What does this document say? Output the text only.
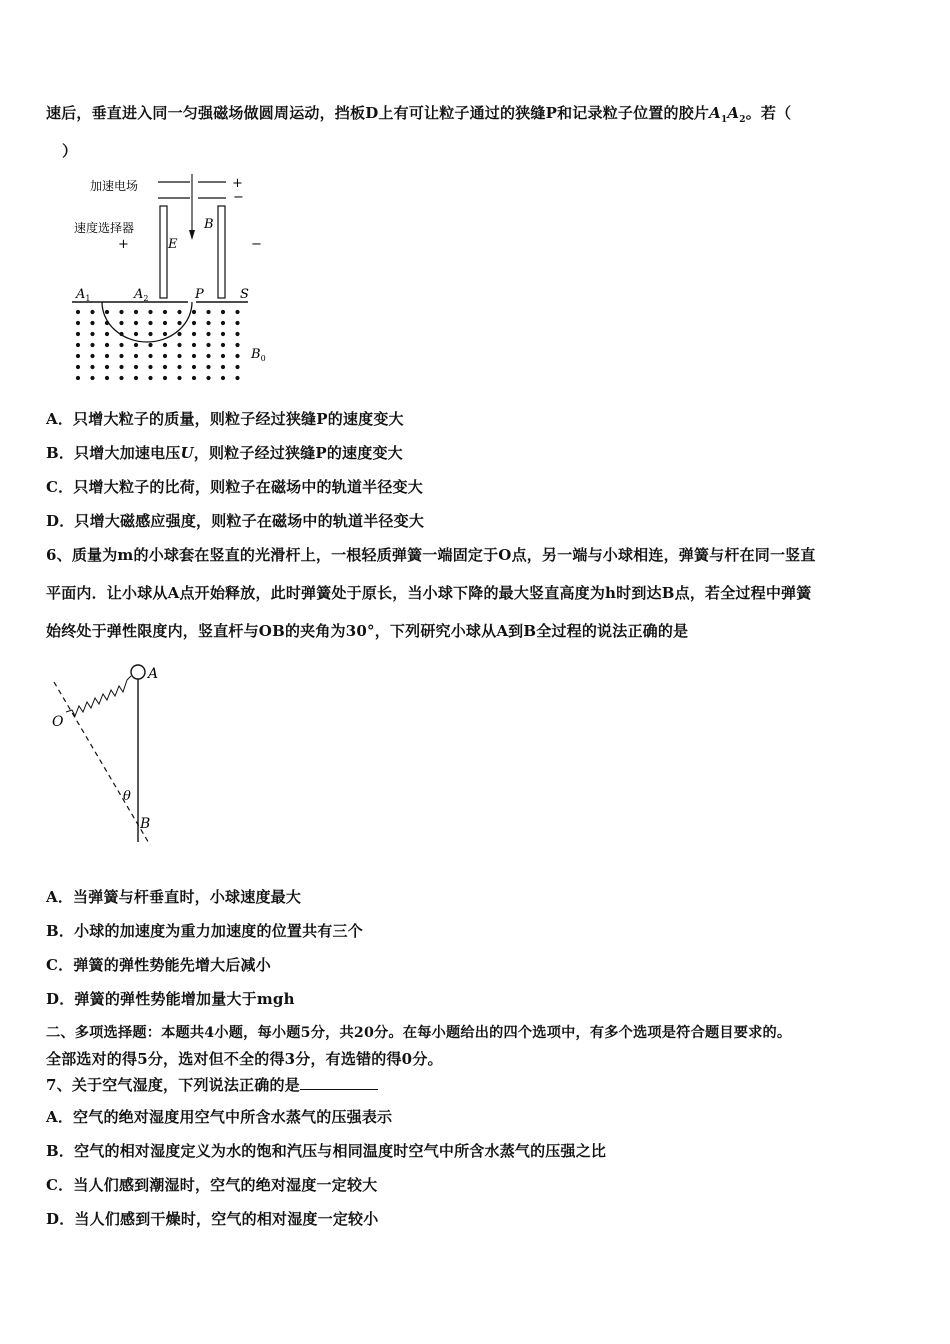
速后，垂直进入同一匀强磁场做圆周运动，挡板D上有可让粒子通过的狭缝P和记录粒子位置的胶片$A_1A_2$。若（
）
加速电场	+
−
速度选择器
+	E
B
−
$A_1$	$A_2$	P	S
$B_0$
A．只增大粒子的质量，则粒子经过狭缝P的速度变大
B．只增大加速电压U，则粒子经过狭缝P的速度变大
C．只增大粒子的比荷，则粒子在磁场中的轨道半径变大
D．只增大磁感应强度，则粒子在磁场中的轨道半径变大
6、质量为m的小球套在竖直的光滑杆上，一根轻质弹簧一端固定于O点，另一端与小球相连，弹簧与杆在同一竖直
平面内．让小球从A点开始释放，此时弹簧处于原长，当小球下降的最大竖直高度为h时到达B点，若全过程中弹簧
始终处于弹性限度内，竖直杆与OB的夹角为30°，下列研究小球从A到B全过程的说法正确的是
A
O
θ
B
A．当弹簧与杆垂直时，小球速度最大
B．小球的加速度为重力加速度的位置共有三个
C．弹簧的弹性势能先增大后减小
D．弹簧的弹性势能增加量大于mgh
二、多项选择题：本题共4小题，每小题5分，共20分。在每小题给出的四个选项中，有多个选项是符合题目要求的。
全部选对的得5分，选对但不全的得3分，有选错的得0分。
7、关于空气湿度，下列说法正确的是
A．空气的绝对湿度用空气中所含水蒸气的压强表示
B．空气的相对湿度定义为水的饱和汽压与相同温度时空气中所含水蒸气的压强之比
C．当人们感到潮湿时，空气的绝对湿度一定较大
D．当人们感到干燥时，空气的相对湿度一定较小
